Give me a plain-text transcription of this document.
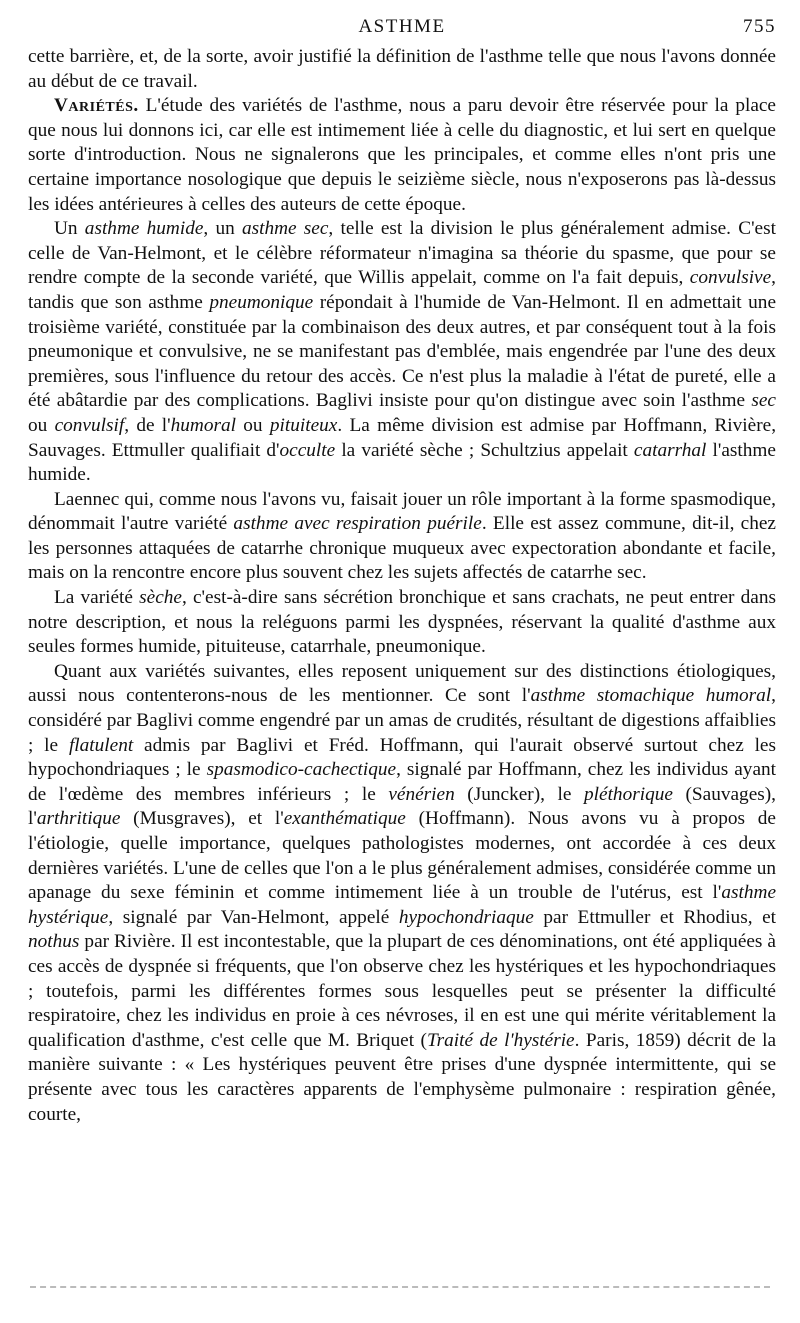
ASTHME	755

cette barrière, et, de la sorte, avoir justifié la définition de l'asthme telle que nous l'avons donnée au début de ce travail.

Variétés. L'étude des variétés de l'asthme, nous a paru devoir être réservée pour la place que nous lui donnons ici, car elle est intimement liée à celle du diagnostic, et lui sert en quelque sorte d'introduction. Nous ne signalerons que les principales, et comme elles n'ont pris une certaine importance nosologique que depuis le seizième siècle, nous n'exposerons pas là-dessus les idées antérieures à celles des auteurs de cette époque.

Un asthme humide, un asthme sec, telle est la division le plus généralement admise. C'est celle de Van-Helmont, et le célèbre réformateur n'imagina sa théorie du spasme, que pour se rendre compte de la seconde variété, que Willis appelait, comme on l'a fait depuis, convulsive, tandis que son asthme pneumonique répondait à l'humide de Van-Helmont. Il en admettait une troisième variété, constituée par la combinaison des deux autres, et par conséquent tout à la fois pneumonique et convulsive, ne se manifestant pas d'emblée, mais engendrée par l'une des deux premières, sous l'influence du retour des accès. Ce n'est plus la maladie à l'état de pureté, elle a été abâtardie par des complications. Baglivi insiste pour qu'on distingue avec soin l'asthme sec ou convulsif, de l'humoral ou pituiteux. La même division est admise par Hoffmann, Rivière, Sauvages. Ettmuller qualifiait d'occulte la variété sèche ; Schultzius appelait catarrhal l'asthme humide.

Laennec qui, comme nous l'avons vu, faisait jouer un rôle important à la forme spasmodique, dénommait l'autre variété asthme avec respiration puérile. Elle est assez commune, dit-il, chez les personnes attaquées de catarrhe chronique muqueux avec expectoration abondante et facile, mais on la rencontre encore plus souvent chez les sujets affectés de catarrhe sec.

La variété sèche, c'est-à-dire sans sécrétion bronchique et sans crachats, ne peut entrer dans notre description, et nous la reléguons parmi les dyspnées, réservant la qualité d'asthme aux seules formes humide, pituiteuse, catarrhale, pneumonique.

Quant aux variétés suivantes, elles reposent uniquement sur des distinctions étiologiques, aussi nous contenterons-nous de les mentionner. Ce sont l'asthme stomachique humoral, considéré par Baglivi comme engendré par un amas de crudités, résultant de digestions affaiblies ; le flatulent admis par Baglivi et Fréd. Hoffmann, qui l'aurait observé surtout chez les hypochondriaques ; le spasmodico-cachectique, signalé par Hoffmann, chez les individus ayant de l'œdème des membres inférieurs ; le vénérien (Juncker), le pléthorique (Sauvages), l'arthritique (Musgraves), et l'exanthématique (Hoffmann). Nous avons vu à propos de l'étiologie, quelle importance, quelques pathologistes modernes, ont accordée à ces deux dernières variétés. L'une de celles que l'on a le plus généralement admises, considérée comme un apanage du sexe féminin et comme intimement liée à un trouble de l'utérus, est l'asthme hystérique, signalé par Van-Helmont, appelé hypochondriaque par Ettmuller et Rhodius, et nothus par Rivière. Il est incontestable, que la plupart de ces dénominations, ont été appliquées à ces accès de dyspnée si fréquents, que l'on observe chez les hystériques et les hypochondriaques ; toutefois, parmi les différentes formes sous lesquelles peut se présenter la difficulté respiratoire, chez les individus en proie à ces névroses, il en est une qui mérite véritablement la qualification d'asthme, c'est celle que M. Briquet (Traité de l'hystérie. Paris, 1859) décrit de la manière suivante : « Les hystériques peuvent être prises d'une dyspnée intermittente, qui se présente avec tous les caractères apparents de l'emphysème pulmonaire : respiration gênée, courte,
